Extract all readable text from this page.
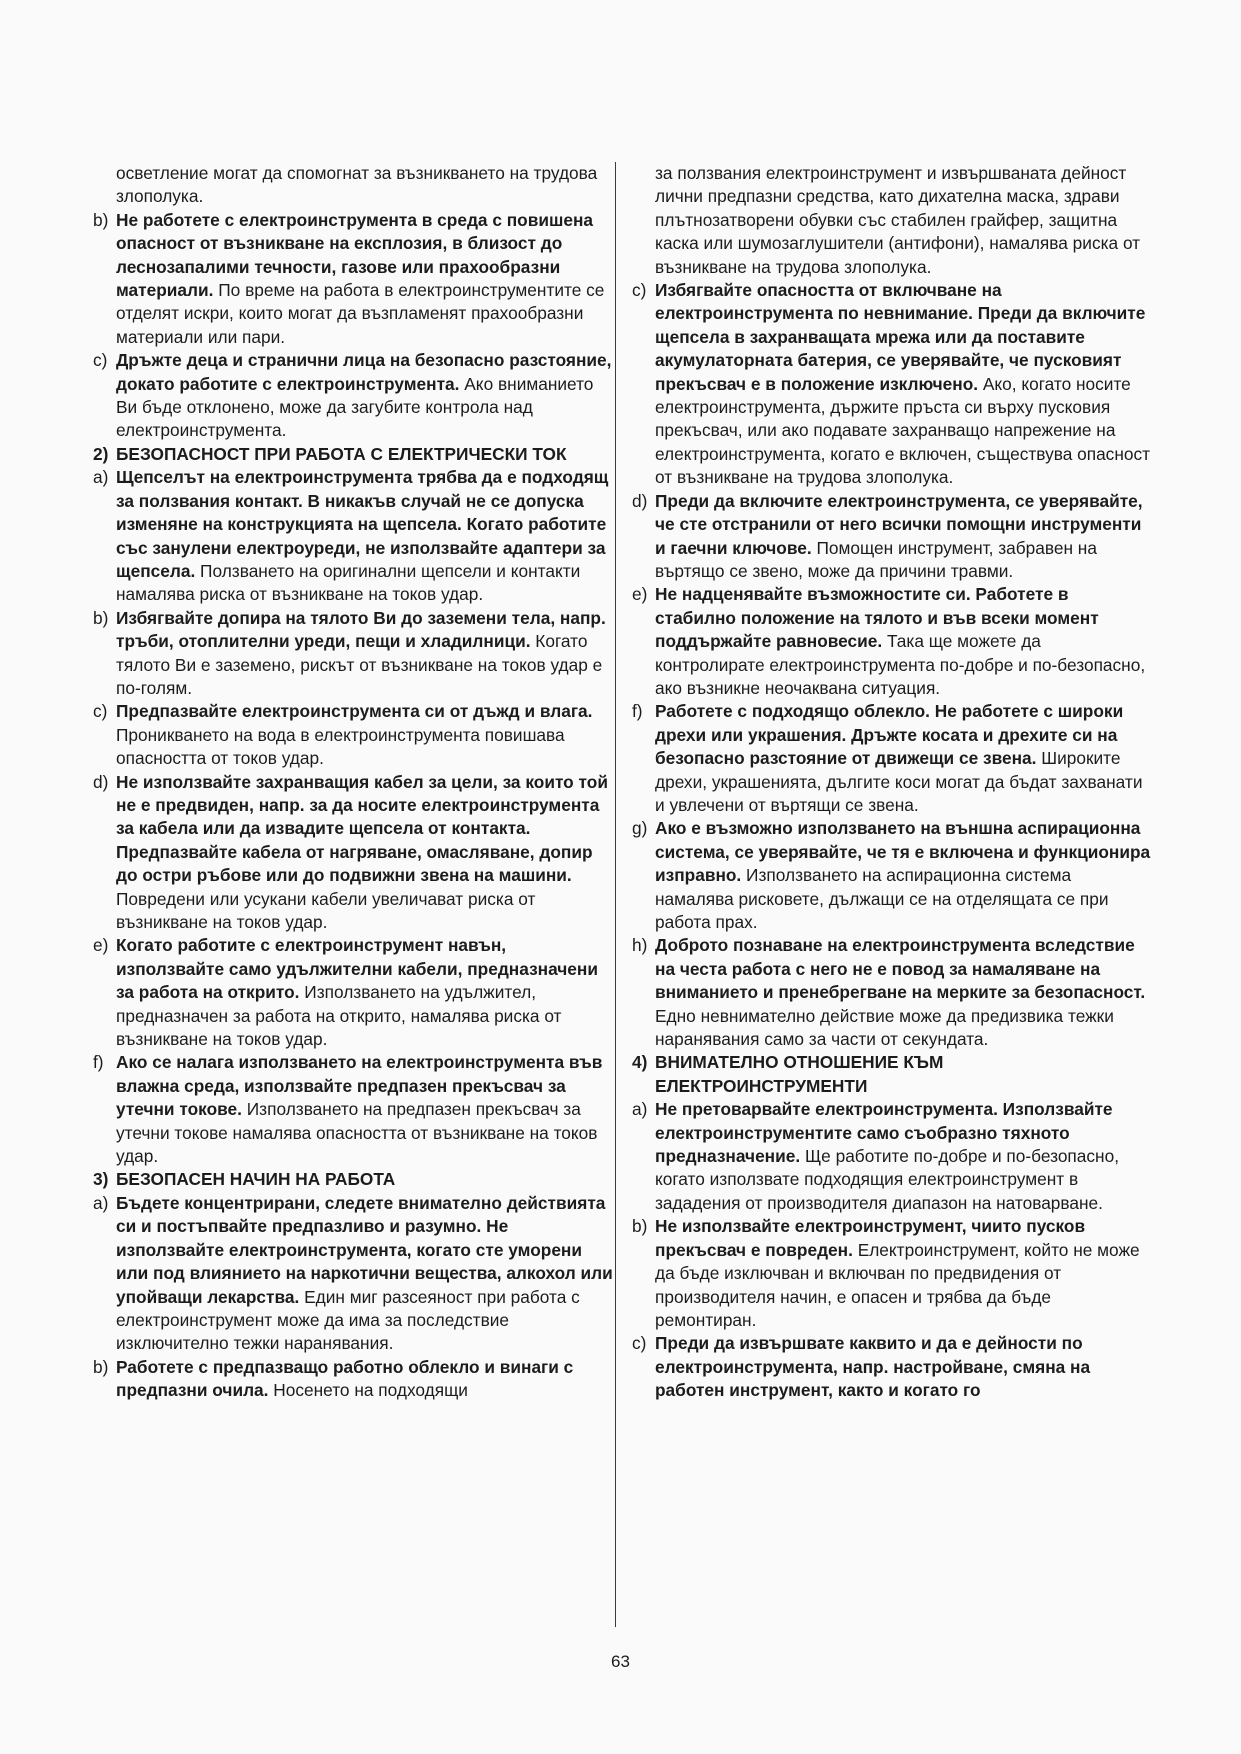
осветление могат да спомогнат за възникването на трудова злополука.

b) Не работете с електроинструмента в среда с повишена опасност от възникване на експлозия, в близост до леснозапалими течности, газове или прахообразни материали. По време на работа в електроинструментите се отделят искри, които могат да възпламенят прахообразни материали или пари.

c) Дръжте деца и странични лица на безопасно разстояние, докато работите с електроинструмента. Ако вниманието Ви бъде отклонено, може да загубите контрола над електроинструмента.

2) БЕЗОПАСНОСТ ПРИ РАБОТА С ЕЛЕКТРИЧЕСКИ ТОК

a) Щепселът на електроинструмента трябва да е подходящ за ползвания контакт. В никакъв случай не се допуска изменяне на конструкцията на щепсела. Когато работите със занулени електроуреди, не използвайте адаптери за щепсела. Ползването на оригинални щепсели и контакти намалява риска от възникване на токов удар.

b) Избягвайте допира на тялото Ви до заземени тела, напр. тръби, отоплителни уреди, пещи и хладилници. Когато тялото Ви е заземено, рискът от възникване на токов удар е по-голям.

c) Предпазвайте електроинструмента си от дъжд и влага. Проникването на вода в електроинструмента повишава опасността от токов удар.

d) Не използвайте захранващия кабел за цели, за които той не е предвиден, напр. за да носите електроинструмента за кабела или да извадите щепсела от контакта. Предпазвайте кабела от нагряване, омасляване, допир до остри ръбове или до подвижни звена на машини. Повредени или усукани кабели увеличават риска от възникване на токов удар.

e) Когато работите с електроинструмент навън, използвайте само удължителни кабели, предназначени за работа на открито. Използването на удължител, предназначен за работа на открито, намалява риска от възникване на токов удар.

f) Ако се налага използването на електроинструмента във влажна среда, използвайте предпазен прекъсвач за утечни токове. Използването на предпазен прекъсвач за утечни токове намалява опасността от възникване на токов удар.

3) БЕЗОПАСЕН НАЧИН НА РАБОТА

a) Бъдете концентрирани, следете внимателно действията си и постъпвайте предпазливо и разумно. Не използвайте електроинструмента, когато сте уморени или под влиянието на наркотични вещества, алкохол или упойващи лекарства. Един миг разсеяност при работа с електроинструмент може да има за последствие изключително тежки наранявания.

b) Работете с предпазващо работно облекло и винаги с предпазни очила. Носенето на подходящи

за ползвания електроинструмент и извършваната дейност лични предпазни средства, като дихателна маска, здрави плътнозатворени обувки със стабилен грайфер, защитна каска или шумозаглушители (антифони), намалява риска от възникване на трудова злополука.

c) Избягвайте опасността от включване на електроинструмента по невнимание. Преди да включите щепсела в захранващата мрежа или да поставите акумулаторната батерия, се уверявайте, че пусковият прекъсвач е в положение изключено. Ако, когато носите електроинструмента, държите пръста си върху пусковия прекъсвач, или ако подавате захранващо напрежение на електроинструмента, когато е включен, съществува опасност от възникване на трудова злополука.

d) Преди да включите електроинструмента, се уверявайте, че сте отстранили от него всички помощни инструменти и гаечни ключове. Помощен инструмент, забравен на въртящо се звено, може да причини травми.

e) Не надценявайте възможностите си. Работете в стабилно положение на тялото и във всеки момент поддържайте равновесие. Така ще можете да контролирате електроинструмента по-добре и по-безопасно, ако възникне неочаквана ситуация.

f) Работете с подходящо облекло. Не работете с широки дрехи или украшения. Дръжте косата и дрехите си на безопасно разстояние от движещи се звена. Широките дрехи, украшенията, дългите коси могат да бъдат захванати и увлечени от въртящи се звена.

g) Ако е възможно използването на външна аспирационна система, се уверявайте, че тя е включена и функционира изправно. Използването на аспирационна система намалява рисковете, дължащи се на отделящата се при работа прах.

h) Доброто познаване на електроинструмента вследствие на честа работа с него не е повод за намаляване на вниманието и пренебрегване на мерките за безопасност. Едно невнимателно действие може да предизвика тежки наранявания само за части от секундата.

4) ВНИМАТЕЛНО ОТНОШЕНИЕ КЪМ ЕЛЕКТРОИНСТРУМЕНТИ

a) Не претоварвайте електроинструмента. Използвайте електроинструментите само съобразно тяхното предназначение. Ще работите по-добре и по-безопасно, когато използвате подходящия електроинструмент в зададения от производителя диапазон на натоварване.

b) Не използвайте електроинструмент, чиито пусков прекъсвач е повреден. Електроинструмент, който не може да бъде изключван и включван по предвидения от производителя начин, е опасен и трябва да бъде ремонтиран.

c) Преди да извършвате каквито и да е дейности по електроинструмента, напр. настройване, смяна на работен инструмент, както и когато го

63
